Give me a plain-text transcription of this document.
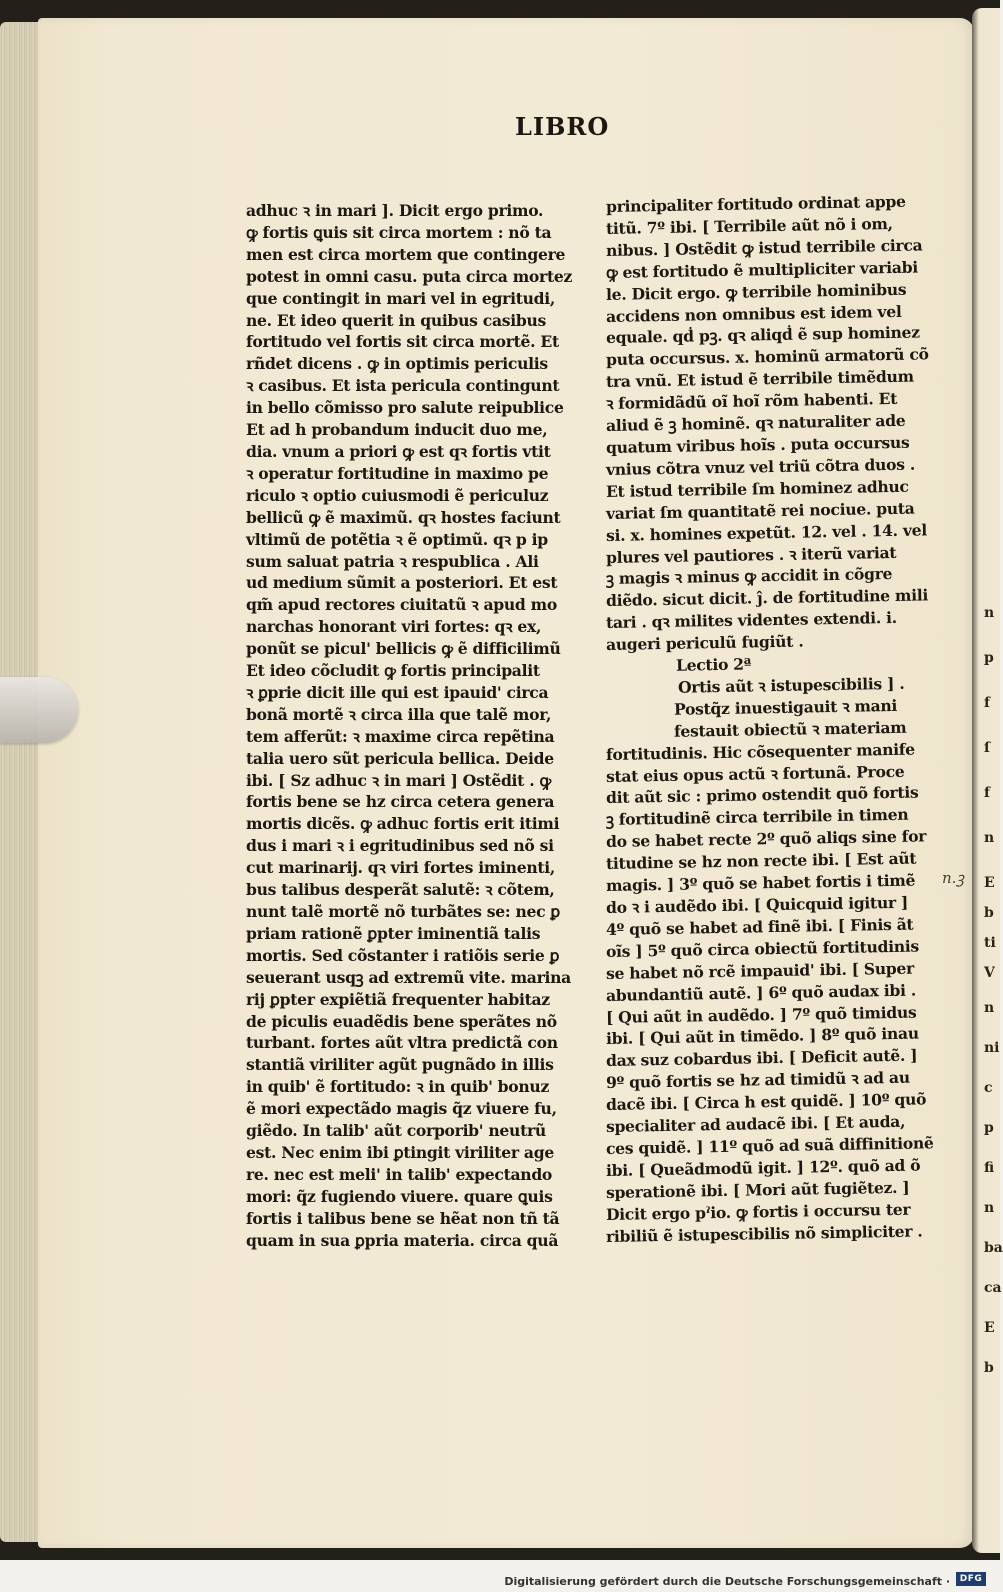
n
p
f
ſ
f
n
E
b
ti
V
n
ni
c
p
fi
n
ba
ca
E
b
LIBRO
adhuc ꝛ in mari ]. Dicit ergo primo.
ꝙ fortis ꝗuis sit circa mortem : nõ ta
men est circa mortem que contingere
potest in omni casu. puta circa mortez
que contingit in mari vel in egritudi,
ne. Et ideo querit in quibus casibus
fortitudo vel fortis sit circa mortẽ. Et
rñdet dicens . ꝙ in optimis periculis
ꝛ casibus. Et ista pericula contingunt
in bello cõmisso pro salute reipublice
Et ad h probandum inducit duo me,
dia. vnum a priori ꝙ est qꝛ fortis vtit
ꝛ operatur fortitudine in maximo pe
riculo ꝛ optio cuiusmodi ẽ periculuz
bellicũ ꝙ ẽ maximũ. qꝛ hostes faciunt
vltimũ de potẽtia ꝛ ẽ optimũ. qꝛ p ip
sum saluat patria ꝛ respublica . Ali
ud medium sũmit a posteriori. Et est
qm̃ apud rectores ciuitatũ ꝛ apud mo
narchas honorant viri fortes: qꝛ ex,
ponũt se picul' bellicis ꝙ ẽ difficilimũ
Et ideo cõcludit ꝙ fortis principalit
ꝛ ꝑprie dicit ille qui est ipauid' circa
bonã mortẽ ꝛ circa illa que talẽ mor,
tem afferũt: ꝛ maxime circa repẽtina
talia uero sũt pericula bellica. Deide
ibi. [ Sz adhuc ꝛ in mari ] Ostẽdit . ꝙ
fortis bene se hz circa cetera genera
mortis dicẽs. ꝙ adhuc fortis erit itimi
dus i mari ꝛ i egritudinibus sed nõ si
cut marinarij. qꝛ viri fortes iminenti,
bus talibus desperãt salutẽ: ꝛ cõtem,
nunt talẽ mortẽ nõ turbãtes se: nec ꝑ
priam rationẽ ꝑpter iminentiã talis
mortis. Sed cõstanter i ratiõis serie ꝑ
seuerant usqꝫ ad extremũ vite. marina
rij ꝑpter expiẽtiã frequenter habitaz
de piculis euadẽdis bene sperãtes nõ
turbant. fortes aũt vltra predictã con
stantiã viriliter agũt pugnãdo in illis
in quib' ẽ fortitudo: ꝛ in quib' bonuz
ẽ mori expectãdo magis q̃z viuere fu,
giẽdo. In talib' aũt corporib' neutrũ
est. Nec enim ibi ꝑtingit viriliter age
re. nec est meli' in talib' expectando
mori: q̃z fugiendo viuere. quare ꝗuis
fortis i talibus bene se hẽat non tñ tã
quam in sua ꝑpria materia. circa quã
principaliter fortitudo ordinat appe
titũ. 7º ibi. [ Terribile aũt nõ i om,
nibus. ] Ostẽdit ꝙ istud terribile circa
ꝙ est fortitudo ẽ multipliciter variabi
le. Dicit ergo. ꝙ terribile hominibus
accidens non omnibus est idem vel
equale. qḋ pꝫ. qꝛ aliqḋ ẽ sup hominez
puta occursus. x. hominũ armatorũ cõ
tra vnũ. Et istud ẽ terribile timẽdum
ꝛ formidãdũ oĩ hoĩ rõm habenti. Et
aliud ẽ ꝫ hominẽ. qꝛ naturaliter ade
quatum viribus hoĩs . puta occursus
vnius cõtra vnuz vel triũ cõtra duos .
Et istud terribile ſm hominez adhuc
variat ſm quantitatẽ rei nociue. puta
si. x. homines expetũt. 12. vel . 14. vel
plures vel pautiores . ꝛ iterũ variat
ꝫ magis ꝛ minus ꝙ accidit in cõgre
diẽdo. sicut dicit. ĵ. de fortitudine mili
tari . qꝛ milites videntes extendi. i.
augeri periculũ fugiũt .
Lectio 2ª
Ortis aũt ꝛ istupescibilis ] .
Postq̃z inuestigauit ꝛ mani
festauit obiectũ ꝛ materiam
fortitudinis. Hic cõsequenter manife
stat eius opus actũ ꝛ fortunã. Proce
dit aũt sic : primo ostendit quõ fortis
ꝫ fortitudinẽ circa terribile in timen
do se habet recte 2º quõ aliqs sine for
titudine se hz non recte ibi. [ Est aũt
magis. ] 3º quõ se habet fortis i timẽ
do ꝛ i audẽdo ibi. [ Quicquid igitur ]
4º quõ se habet ad finẽ ibi. [ Finis ãt
oĩs ] 5º quõ circa obiectũ fortitudinis
se habet nõ rcẽ impauid' ibi. [ Super
abundantiũ autẽ. ] 6º quõ audax ibi .
[ Qui aũt in audẽdo. ] 7º quõ timidus
ibi. [ Qui aũt in timẽdo. ] 8º quõ inau
dax suz cobardus ibi. [ Deficit autẽ. ]
9º quõ fortis se hz ad timidũ ꝛ ad au
dacẽ ibi. [ Circa h est quidẽ. ] 10º quõ
specialiter ad audacẽ ibi. [ Et auda,
ces quidẽ. ] 11º quõ ad suã diffinitionẽ
ibi. [ Queãdmodũ igit. ] 12º. quõ ad õ
sperationẽ ibi. [ Mori aũt fugiẽtez. ]
Dicit ergo pˀio. ꝙ fortis i occursu ter
ribiliũ ẽ istupescibilis nõ simpliciter .
n.ꝫ
Digitalisierung gefördert durch die Deutsche Forschungsgemeinschaft ·	DFG
